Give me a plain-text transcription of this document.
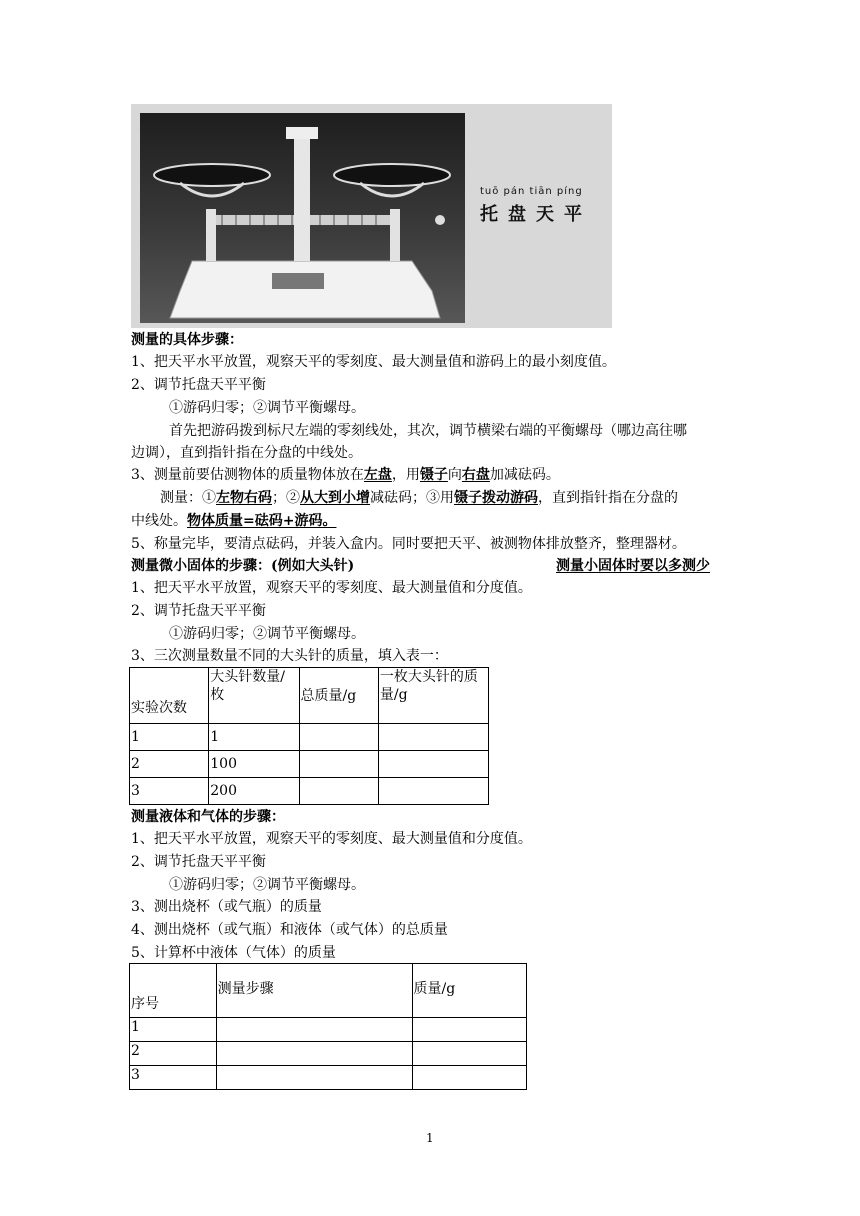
tuō pán tiān píng
托盘天平
测量的具体步骤：
1、把天平水平放置，观察天平的零刻度、最大测量值和游码上的最小刻度值。
2、调节托盘天平平衡
①游码归零；②调节平衡螺母。
首先把游码拨到标尺左端的零刻线处，其次，调节横梁右端的平衡螺母（哪边高往哪
边调），直到指针指在分盘的中线处。
3、测量前要估测物体的质量物体放在左盘，用镊子向右盘加减砝码。
测量：①左物右码；②从大到小增减砝码；③用镊子拨动游码，直到指针指在分盘的
中线处。物体质量=砝码+游码。
5、称量完毕，要清点砝码，并装入盒内。同时要把天平、被测物体排放整齐，整理器材。
测量微小固体的步骤：(例如大头针)	测量小固体时要以多测少
1、把天平水平放置，观察天平的零刻度、最大测量值和分度值。
2、调节托盘天平平衡
①游码归零；②调节平衡螺母。
3、三次测量数量不同的大头针的质量，填入表一：
实验次数	大头针数量/枚	总质量/g	一枚大头针的质量/g
1	1		
2	100		
3	200		
测量液体和气体的步骤：
1、把天平水平放置，观察天平的零刻度、最大测量值和分度值。
2、调节托盘天平平衡
①游码归零；②调节平衡螺母。
3、测出烧杯（或气瓶）的质量
4、测出烧杯（或气瓶）和液体（或气体）的总质量
5、计算杯中液体（气体）的质量
序号	测量步骤	质量/g
1		
2		
3		
1
